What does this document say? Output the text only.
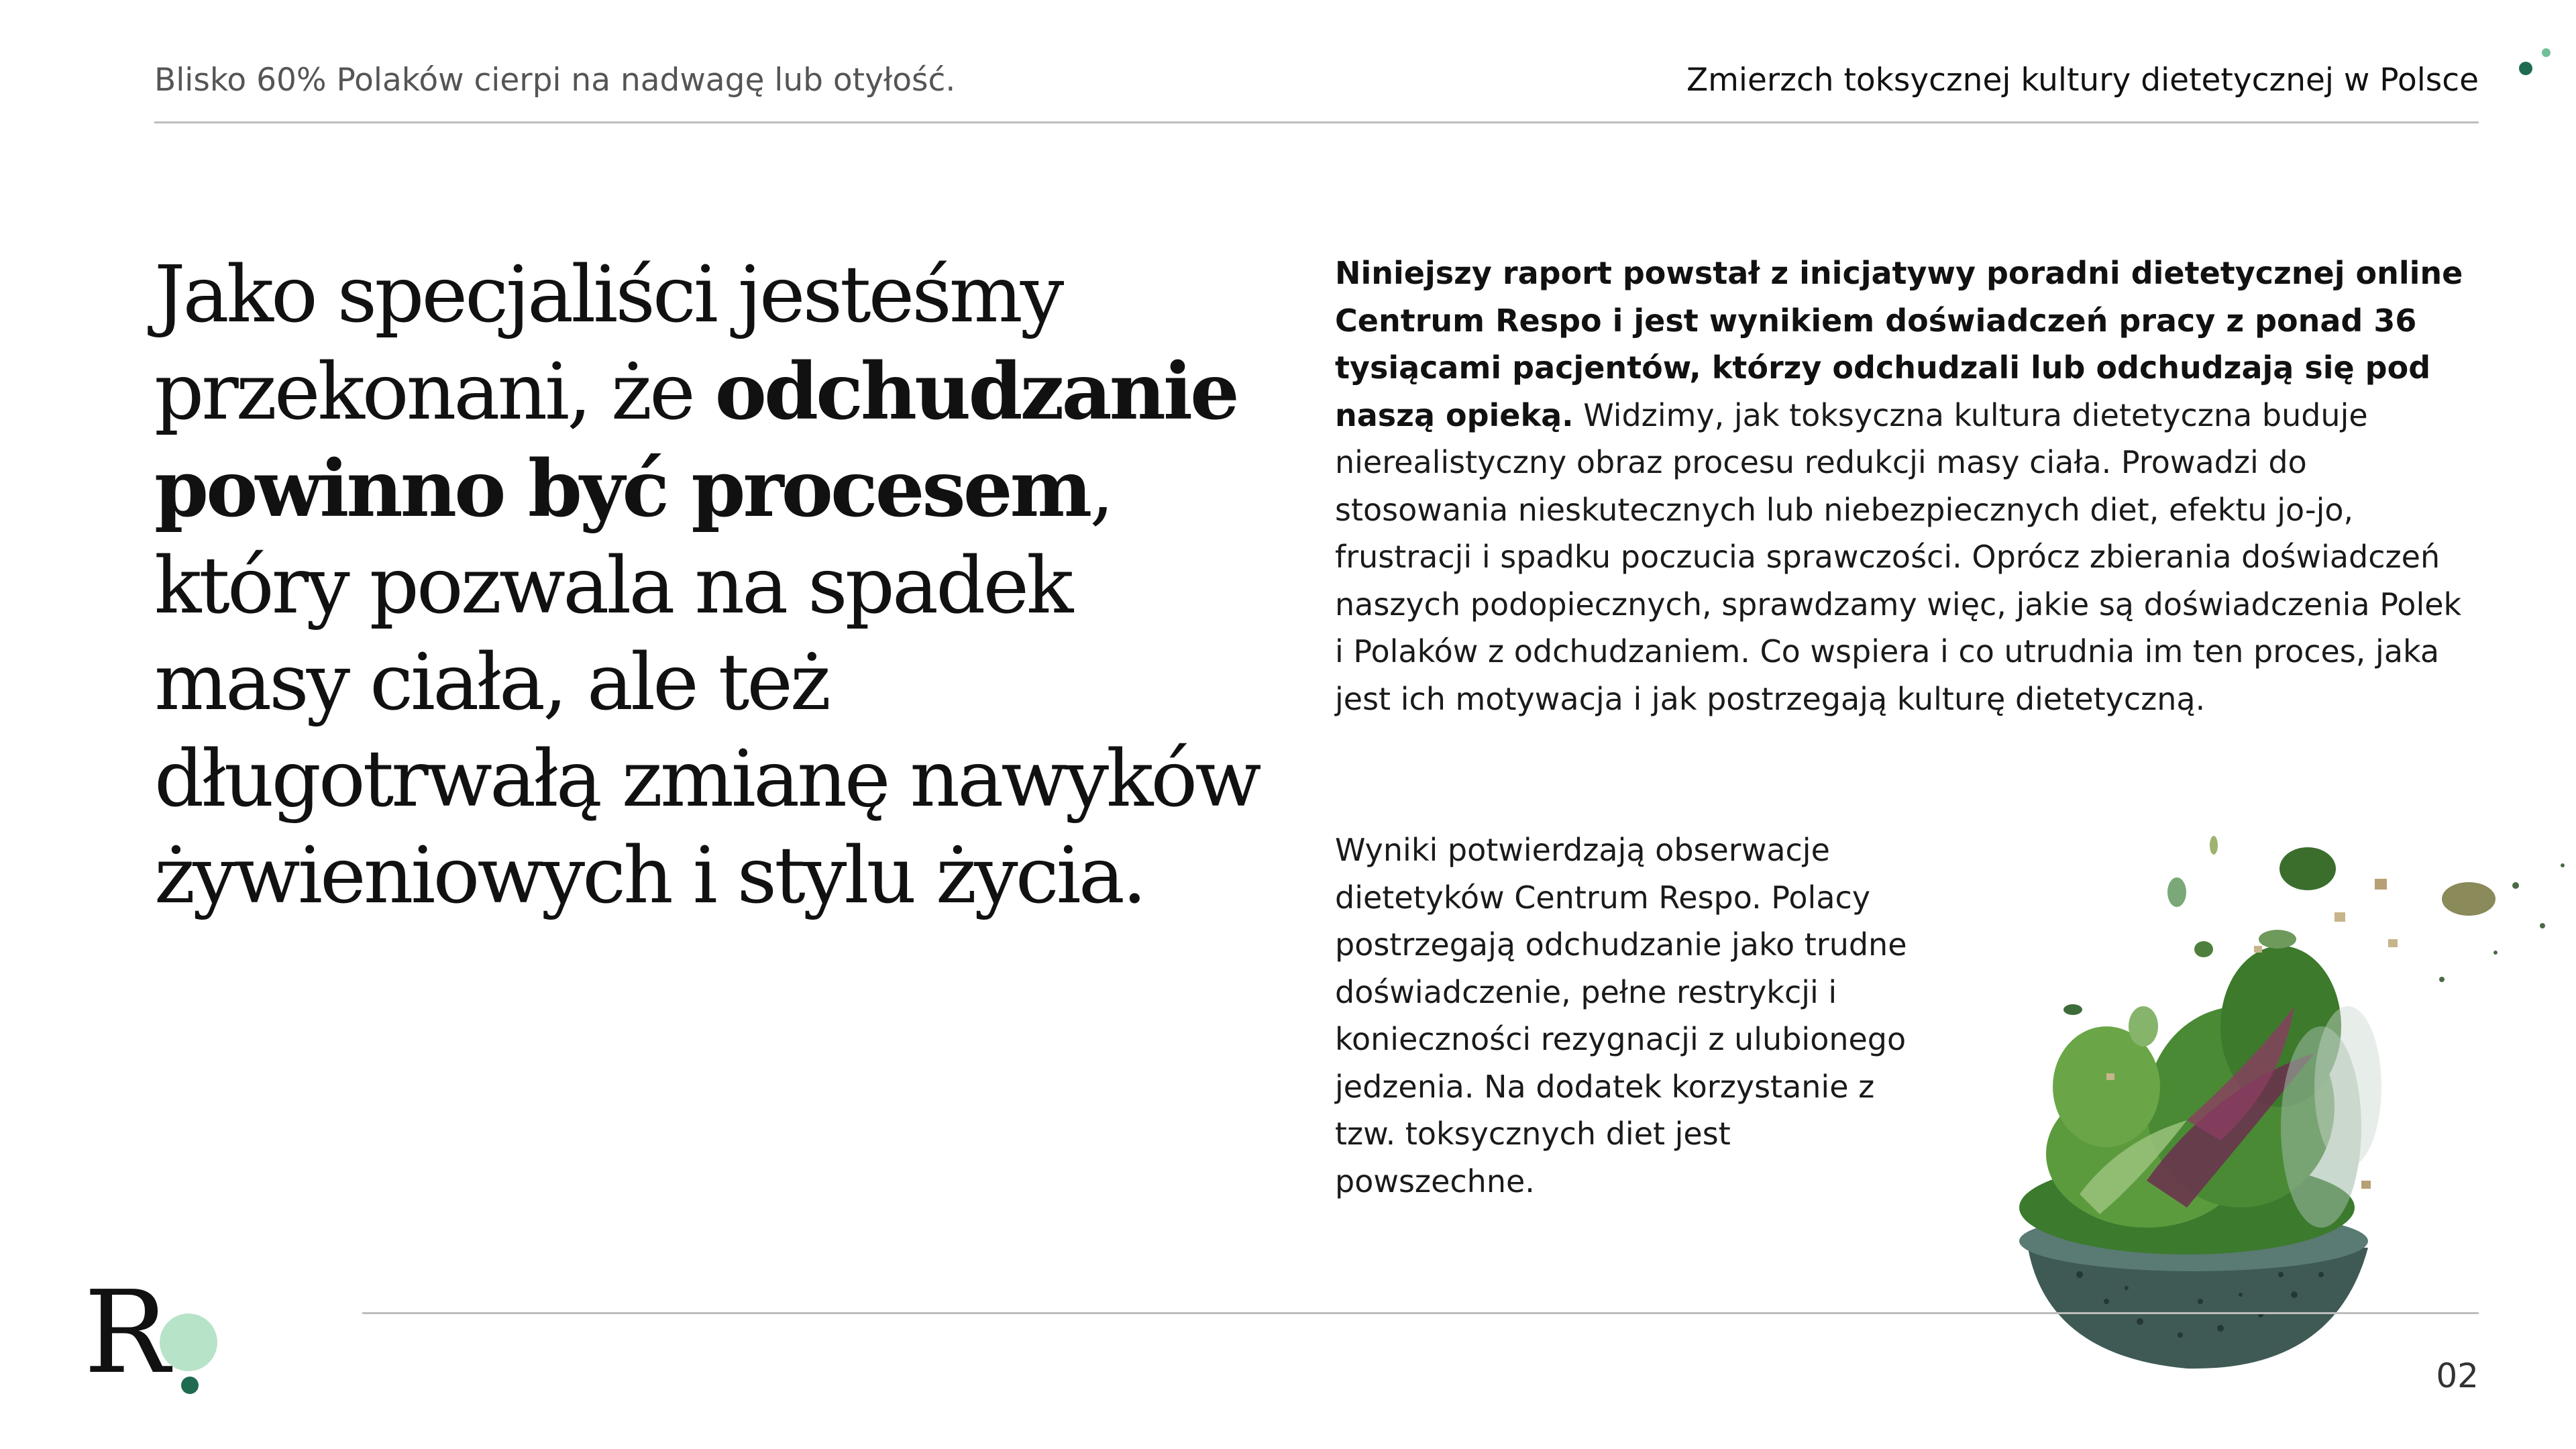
Blisko 60% Polaków cierpi na nadwagę lub otyłość.	Zmierzch toksycznej kultury dietetycznej w Polsce
Jako specjaliści jesteśmy przekonani, że odchudzanie powinno być procesem, który pozwala na spadek masy ciała, ale też długotrwałą zmianę nawyków żywieniowych i stylu życia.
Niniejszy raport powstał z inicjatywy poradni dietetycznej online Centrum Respo i jest wynikiem doświadczeń pracy z ponad 36 tysiącami pacjentów, którzy odchudzali lub odchudzają się pod naszą opieką. Widzimy, jak toksyczna kultura dietetyczna buduje nierealistyczny obraz procesu redukcji masy ciała. Prowadzi do stosowania nieskutecznych lub niebezpiecznych diet, efektu jo-jo, frustracji i spadku poczucia sprawczości. Oprócz zbierania doświadczeń naszych podopiecznych, sprawdzamy więc, jakie są doświadczenia Polek i Polaków z odchudzaniem. Co wspiera i co utrudnia im ten proces, jaka jest ich motywacja i jak postrzegają kulturę dietetyczną.
Wyniki potwierdzają obserwacje dietetyków Centrum Respo. Polacy postrzegają odchudzanie jako trudne doświadczenie, pełne restrykcji i konieczności rezygnacji z ulubionego jedzenia. Na dodatek korzystanie z tzw. toksycznych diet jest powszechne.
R	02
